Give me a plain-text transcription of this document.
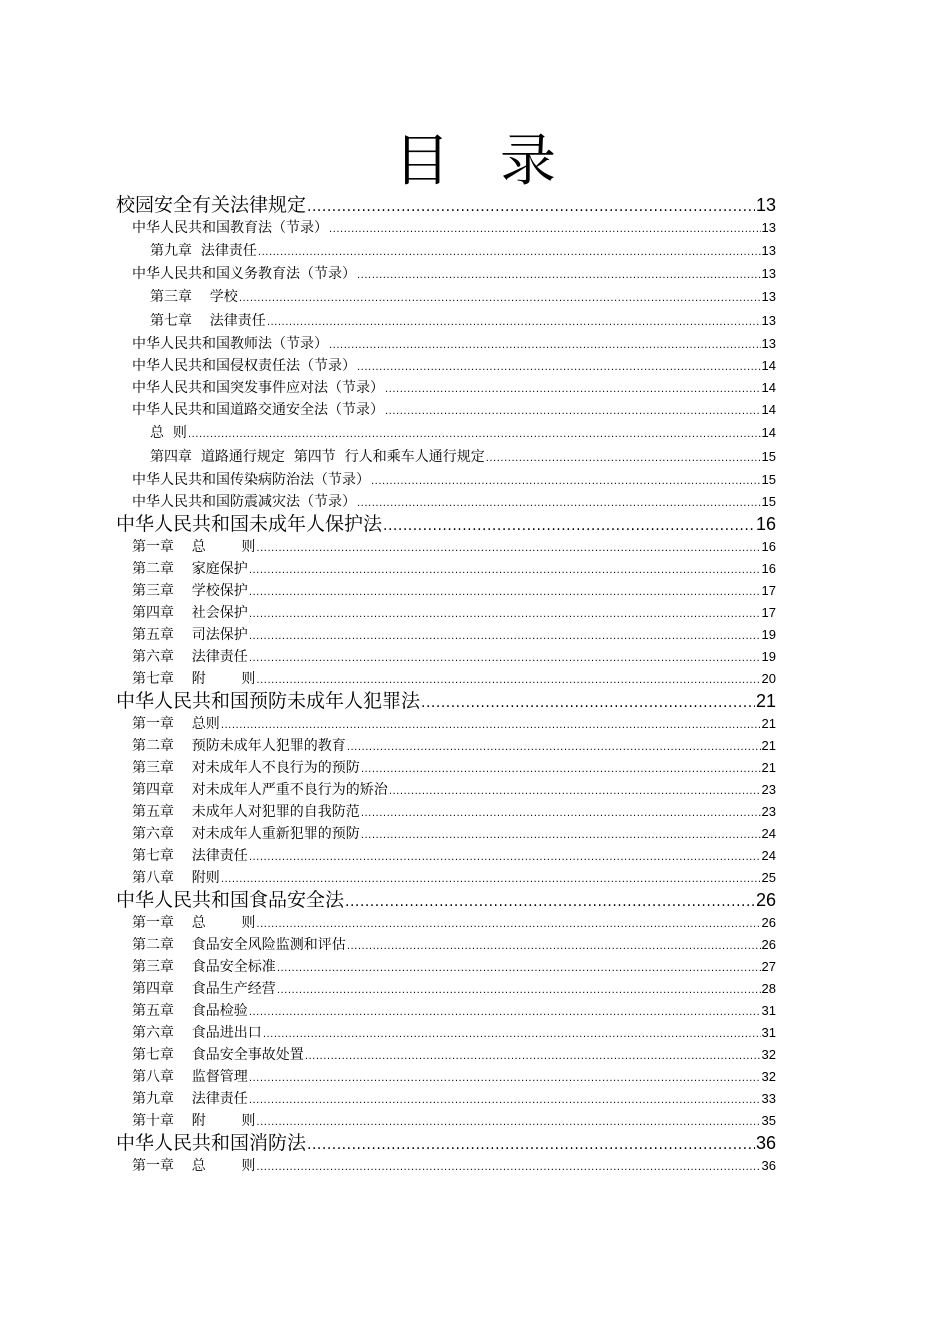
目 录
校园安全有关法律规定 .....	13
中华人民共和国教育法（节录） .....	13
第九章  法律责任 .....	13
中华人民共和国义务教育法（节录） .....	13
第三章    学校 .....	13
第七章    法律责任 .....	13
中华人民共和国教师法（节录） .....	13
中华人民共和国侵权责任法（节录） .....	14
中华人民共和国突发事件应对法（节录） .....	14
中华人民共和国道路交通安全法（节录） .....	14
总  则 .....	14
第四章  道路通行规定  第四节  行人和乘车人通行规定 .....	15
中华人民共和国传染病防治法（节录） .....	15
中华人民共和国防震减灾法（节录） .....	15
中华人民共和国未成年人保护法 .....	16
第一章    总        则 .....	16
第二章    家庭保护 .....	16
第三章    学校保护 .....	17
第四章    社会保护 .....	17
第五章    司法保护 .....	19
第六章    法律责任 .....	19
第七章    附        则 .....	20
中华人民共和国预防未成年人犯罪法 .....	21
第一章    总则 .....	21
第二章    预防未成年人犯罪的教育 .....	21
第三章    对未成年人不良行为的预防 .....	21
第四章    对未成年人严重不良行为的矫治 .....	23
第五章    未成年人对犯罪的自我防范 .....	23
第六章    对未成年人重新犯罪的预防 .....	24
第七章    法律责任 .....	24
第八章    附则 .....	25
中华人民共和国食品安全法 .....	26
第一章    总        则 .....	26
第二章    食品安全风险监测和评估 .....	26
第三章    食品安全标准 .....	27
第四章    食品生产经营 .....	28
第五章    食品检验 .....	31
第六章    食品进出口 .....	31
第七章    食品安全事故处置 .....	32
第八章    监督管理 .....	32
第九章    法律责任 .....	33
第十章    附        则 .....	35
中华人民共和国消防法 .....	36
第一章    总        则 .....	36
